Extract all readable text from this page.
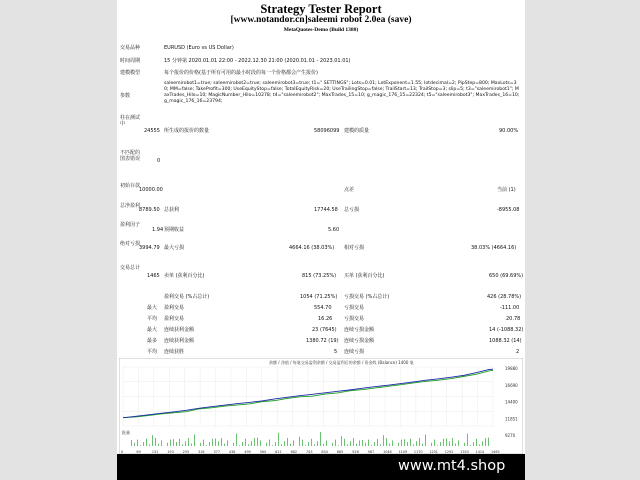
Strategy Tester Report
[www.notandor.cn]saleemi robot 2.0ea (save)
MetaQuotes-Demo (Build 1380)
交易品种	EURUSD (Euro vs US Dollar)
时间周期	15 分钟第 2020.01.01 22:00 - 2022.12.30 21:00 (2020.01.01 - 2023.01.01)
建模模型	每个报价的价格(基于所有可用的最小时段的每一个价格都会产生报价)
参数
saleemirobot1=true; saleemirobot2=true; saleemirobot3=true; t1=" SETTINGS"; Lots=0.01; LotExponent=1.55; lotdecimal=2; PipStep=800; MaxLots=30; MM=false; TakeProfit=300; UseEquityStop=false; TotalEquityRisk=20; UseTrailingStop=false; TrailStart=13; TrailStop=3; slip=5; t3="saleemirobot1"; MaxTrades_Hilo=10; MagicNumber_Hilo=10278; t4="saleemirobot2"; MaxTrades_15=10; g_magic_176_15=22324; t5="saleemirobot3"; MaxTrades_16=10; g_magic_176_16=23794;
柱在测试中
24555 所生成的报价的数量	58096099 建模的质量	90.00%
不匹配的图表错误	0
初始存款
10000.00	点差	当前 (1)
总净盈利
8789.50 总获利	17744.58 总亏损	-8955.08
盈利因子
1.94 预期收益	5.60
绝对亏损
3994.79 最大亏损	4664.16 (38.03%) 相对亏损	38.03% (4664.16)
交易总计
1465 卖单 (获利百分比)	815 (73.25%) 买单 (获利百分比)	650 (69.69%)
盈利交易 (%占总计)	1054 (71.25%) 亏损交易 (%占总计)	426 (28.78%)
最大 盈利交易	554.70	亏损交易	-111.00
平均 盈利交易	16.26 亏损交易	20.78
最大 连续获利金额	23 (7645) 连续亏损金额	14 (-1088.32)
最多 连续获利金额	1380.72 (19) 连续亏损金额	1088.32 (14)
平均 连续获胜	5 连续亏损	2
余额 / 净值 / 每笔交易盈利余额 / 交易盈利后的余额 / 资金线 (Balance) 1400 笔
19880
16690
14400
11851
9270
批量
0	69	131	193	255	316	377	438	499	560	621	682	743	804	865	926	987	1048 1109 1170 1231 1292 1353 1414 1465
www.mt4.shop
